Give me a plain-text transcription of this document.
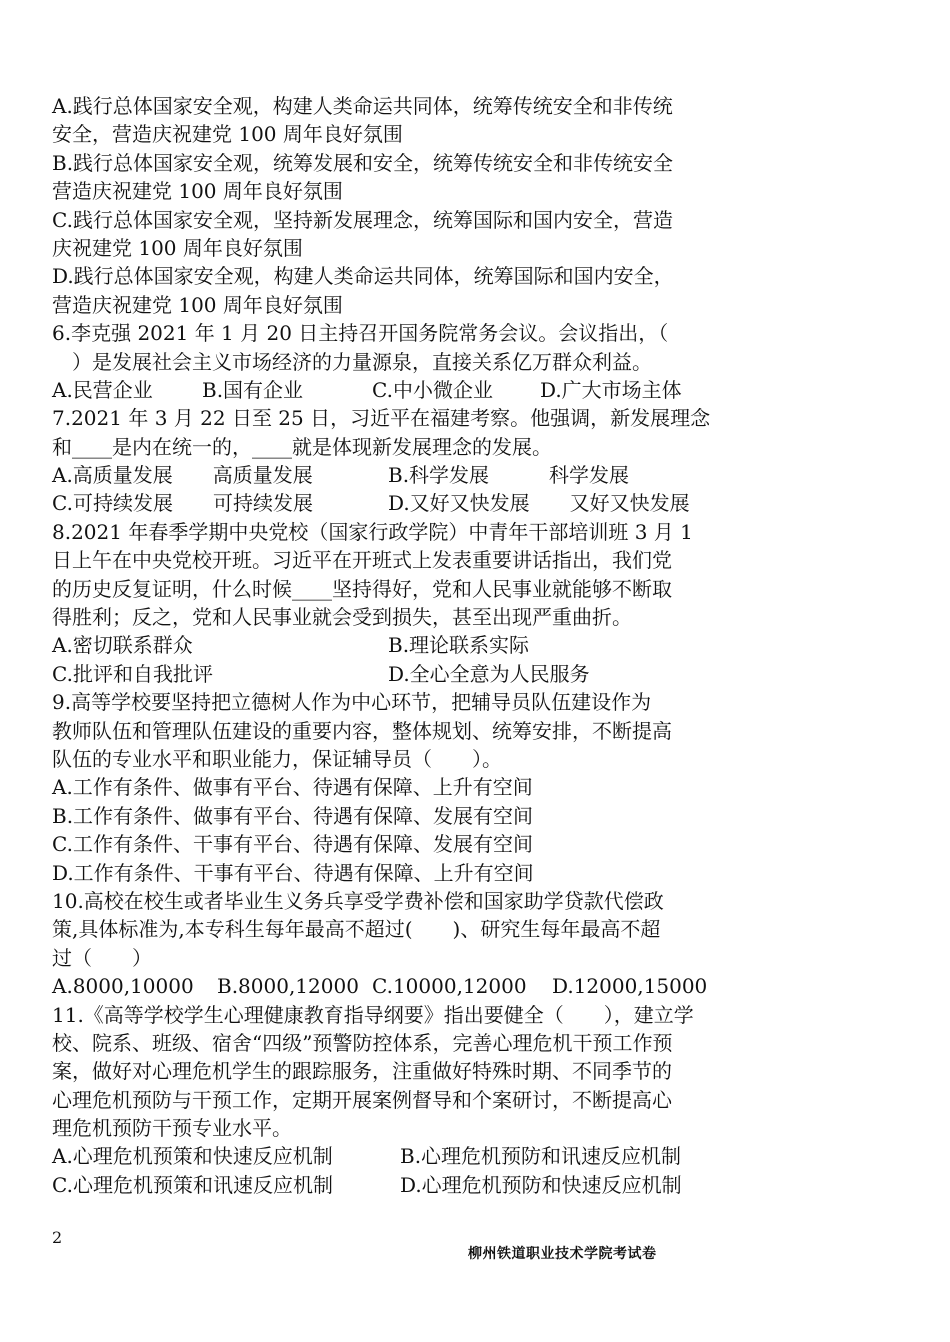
A.践行总体国家安全观，构建人类命运共同体，统筹传统安全和非传统
安全，营造庆祝建党 100 周年良好氛围
B.践行总体国家安全观，统筹发展和安全，统筹传统安全和非传统安全
营造庆祝建党 100 周年良好氛围
C.践行总体国家安全观，坚持新发展理念，统筹国际和国内安全，营造
庆祝建党 100 周年良好氛围
D.践行总体国家安全观，构建人类命运共同体，统筹国际和国内安全，
营造庆祝建党 100 周年良好氛围
6.李克强 2021 年 1 月 20 日主持召开国务院常务会议。会议指出，（
　）是发展社会主义市场经济的力量源泉，直接关系亿万群众利益。
A.民营企业	B.国有企业	C.中小微企业	D.广大市场主体
7.2021 年 3 月 22 日至 25 日，习近平在福建考察。他强调，新发展理念
和____是内在统一的，____就是体现新发展理念的发展。
A.高质量发展　　高质量发展	B.科学发展　　　科学发展
C.可持续发展　　可持续发展	D.又好又快发展　　又好又快发展
8.2021 年春季学期中央党校（国家行政学院）中青年干部培训班 3 月 1
日上午在中央党校开班。习近平在开班式上发表重要讲话指出，我们党
的历史反复证明，什么时候____坚持得好，党和人民事业就能够不断取
得胜利；反之，党和人民事业就会受到损失，甚至出现严重曲折。
A.密切联系群众	B.理论联系实际
C.批评和自我批评	D.全心全意为人民服务
9.高等学校要坚持把立德树人作为中心环节，把辅导员队伍建设作为
教师队伍和管理队伍建设的重要内容，整体规划、统筹安排，不断提高
队伍的专业水平和职业能力，保证辅导员（　　）。
A.工作有条件、做事有平台、待遇有保障、上升有空间
B.工作有条件、做事有平台、待遇有保障、发展有空间
C.工作有条件、干事有平台、待遇有保障、发展有空间
D.工作有条件、干事有平台、待遇有保障、上升有空间
10.高校在校生或者毕业生义务兵享受学费补偿和国家助学贷款代偿政
策,具体标准为,本专科生每年最高不超过(　　)、研究生每年最高不超
过（　　）
A.8000,10000	B.8000,12000 C.10000,12000	D.12000,15000
11.《高等学校学生心理健康教育指导纲要》指出要健全（　　），建立学
校、院系、班级、宿舍“四级”预警防控体系，完善心理危机干预工作预
案，做好对心理危机学生的跟踪服务，注重做好特殊时期、不同季节的
心理危机预防与干预工作，定期开展案例督导和个案研讨，不断提高心
理危机预防干预专业水平。
A.心理危机预策和快速反应机制	B.心理危机预防和讯速反应机制
C.心理危机预策和讯速反应机制	D.心理危机预防和快速反应机制
2
柳州铁道职业技术学院考试卷
